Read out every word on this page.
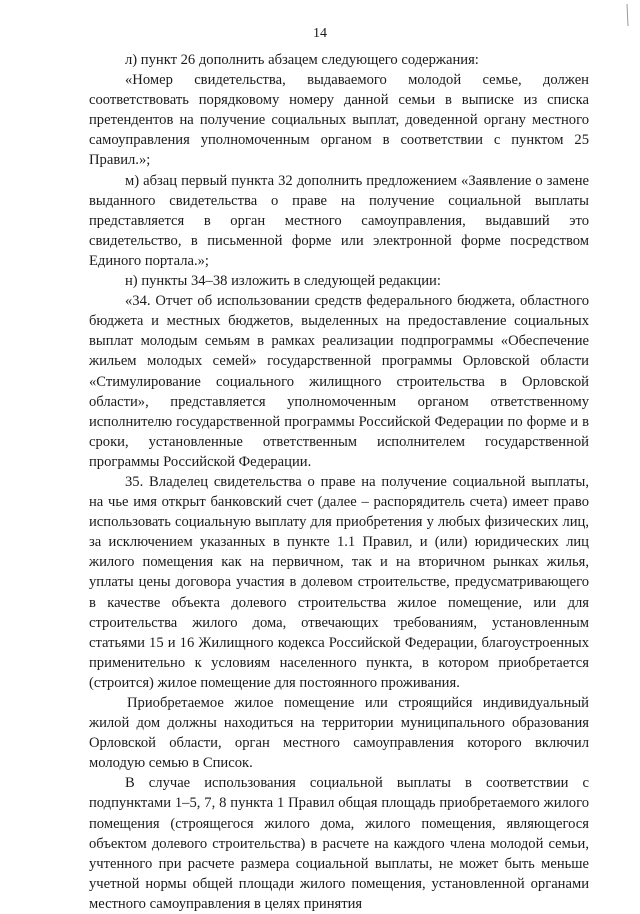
14

л) пункт 26 дополнить абзацем следующего содержания:

«Номер свидетельства, выдаваемого молодой семье, должен соответствовать порядковому номеру данной семьи в выписке из списка претендентов на получение социальных выплат, доведенной органу местного самоуправления уполномоченным органом в соответствии с пунктом 25 Правил.»;

м) абзац первый пункта 32 дополнить предложением «Заявление о замене выданного свидетельства о праве на получение социальной выплаты представляется в орган местного самоуправления, выдавший это свидетельство, в письменной форме или электронной форме посредством Единого портала.»;

н) пункты 34–38 изложить в следующей редакции:

«34. Отчет об использовании средств федерального бюджета, областного бюджета и местных бюджетов, выделенных на предоставление социальных выплат молодым семьям в рамках реализации подпрограммы «Обеспечение жильем молодых семей» государственной программы Орловской области «Стимулирование социального жилищного строительства в Орловской области», представляется уполномоченным органом ответственному исполнителю государственной программы Российской Федерации по форме и в сроки, установленные ответственным исполнителем государственной программы Российской Федерации.

35. Владелец свидетельства о праве на получение социальной выплаты, на чье имя открыт банковский счет (далее – распорядитель счета) имеет право использовать социальную выплату для приобретения у любых физических лиц, за исключением указанных в пункте 1.1 Правил, и (или) юридических лиц жилого помещения как на первичном, так и на вторичном рынках жилья, уплаты цены договора участия в долевом строительстве, предусматривающего в качестве объекта долевого строительства жилое помещение, или для строительства жилого дома, отвечающих требованиям, установленным статьями 15 и 16 Жилищного кодекса Российской Федерации, благоустроенных применительно к условиям населенного пункта, в котором приобретается (строится) жилое помещение для постоянного проживания.

Приобретаемое жилое помещение или строящийся индивидуальный жилой дом должны находиться на территории муниципального образования Орловской области, орган местного самоуправления которого включил молодую семью в Список.

В случае использования социальной выплаты в соответствии с подпунктами 1–5, 7, 8 пункта 1 Правил общая площадь приобретаемого жилого помещения (строящегося жилого дома, жилого помещения, являющегося объектом долевого строительства) в расчете на каждого члена молодой семьи, учтенного при расчете размера социальной выплаты, не может быть меньше учетной нормы общей площади жилого помещения, установленной органами местного самоуправления в целях принятия
